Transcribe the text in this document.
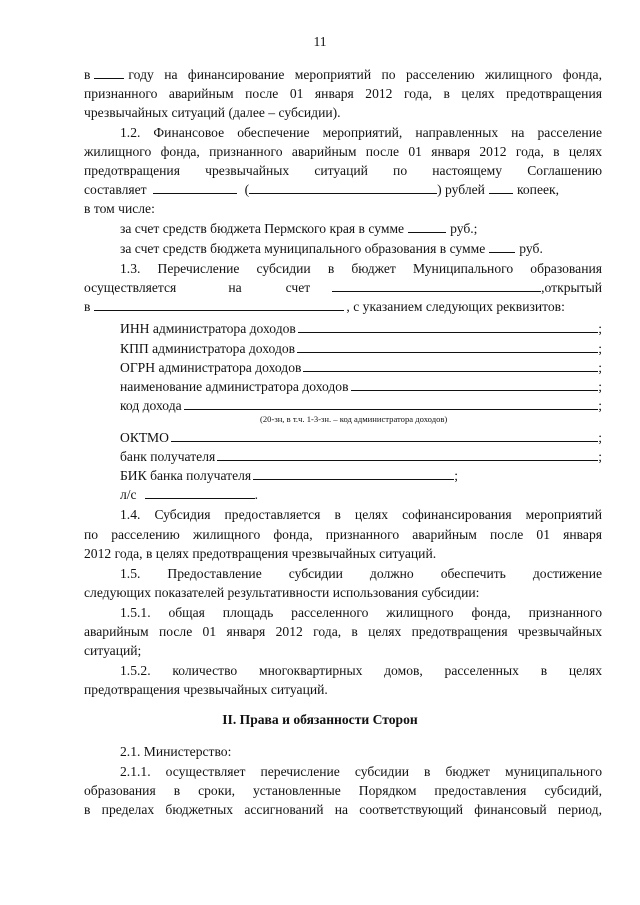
11
в	году на финансирование мероприятий по расселению жилищного фонда,
признанного аварийным после 01 января 2012 года, в целях предотвращения
чрезвычайных ситуаций (далее – субсидии).
1.2. Финансовое обеспечение мероприятий, направленных на расселение
жилищного фонда, признанного аварийным после 01 января 2012 года, в целях
предотвращения чрезвычайных ситуаций по настоящему Соглашению
составляет	(	) рублей копеек,
в том числе:
за счет средств бюджета Пермского края в сумме	руб.;
за счет средств бюджета муниципального образования в сумме	руб.
1.3. Перечисление субсидии в бюджет Муниципального образования
осуществляется	на	счет	, открытый
в	, с указанием следующих реквизитов:
ИНН администратора доходов	;
КПП администратора доходов	;
ОГРН администратора доходов	;
наименование администратора доходов	;
код дохода	;
(20-зн, в т.ч. 1-3-зн. – код администратора доходов)
ОКТМО	;
банк получателя	;
БИК банка получателя	;
л/с	.
1.4. Субсидия предоставляется в целях софинансирования мероприятий
по расселению жилищного фонда, признанного аварийным после 01 января
2012 года, в целях предотвращения чрезвычайных ситуаций.
1.5. Предоставление субсидии должно обеспечить достижение
следующих показателей результативности использования субсидии:
1.5.1. общая площадь расселенного жилищного фонда, признанного
аварийным после 01 января 2012 года, в целях предотвращения чрезвычайных
ситуаций;
1.5.2. количество многоквартирных домов, расселенных в целях
предотвращения чрезвычайных ситуаций.
II. Права и обязанности Сторон
2.1. Министерство:
2.1.1. осуществляет перечисление субсидии в бюджет муниципального
образования в сроки, установленные Порядком предоставления субсидий,
в пределах бюджетных ассигнований на соответствующий финансовый период,
